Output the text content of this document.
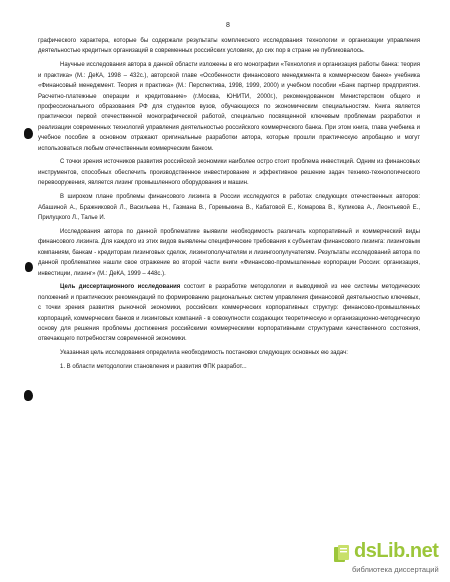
8

графического характера, которые бы содержали результаты комплексного исследования технологии и организации управления деятельностью кредитных организаций в современных российских условиях, до сих пор в стране не публиковалось.

Научные исследования автора в данной области изложены в его монографии «Технология и организация работы банка: теория и практика» (М.: ДеКА, 1998 – 432с.), авторской главе «Особенности финансового менеджмента в коммерческом банке» учебника «Финансовый менеджмент. Теория и практика» (М.: Перспектива, 1998, 1999, 2000) и учебном пособии «Банк партнер предприятия. Расчетно-платежные операции и кредитование» (г.Москва, ЮНИТИ, 2000г.), рекомендованном Министерством общего и профессионального образования РФ для студентов вузов, обучающихся по экономическим специальностям. Книга является практически первой отечественной монографической работой, специально посвященной ключевым проблемам разработки и реализации современных технологий управления деятельностью российского коммерческого банка. При этом книга, глава учебника и учебное пособие в основном отражают оригинальные разработки автора, которые прошли практическую апробацию и могут использоваться любым отечественным коммерческим банком.

С точки зрения источников развития российской экономики наиболее остро стоит проблема инвестиций. Одним из финансовых инструментов, способных обеспечить производственное инвестирование и эффективное решение задач технико-технологического перевооружения, является лизинг промышленного оборудования и машин.

В широком плане проблемы финансового лизинга в России исследуются в работах следующих отечественных авторов: Абашиной А., Бражниковой Л., Васильева Н., Газмана В., Горемыкина В., Кабатовой Е., Комарова В., Куликова А., Леонтьевой Е., Прилуцкого Л., Талье И.

Исследования автора по данной проблематике выявили необходимость различать корпоративный и коммерческий виды финансового лизинга. Для каждого из этих видов выявлены специфические требования к субъектам финансового лизинга: лизинговым компаниям, банкам - кредиторам лизинговых сделок, лизингополучателям и лизингоопулучателям. Результаты исследований автора по данной проблематике нашли свое отражение во второй части книги «Финансово-промышленные корпорации России: организация, инвестиции, лизинг» (М.: ДеКА, 1999 – 448с.).

Цель диссертационного исследования состоит в разработке методологии и выводимой из нее системы методических положений и практических рекомендаций по формированию рациональных систем управления финансовой деятельностью ключевых, с точки зрения развития рыночной экономики, российских коммерческих корпоративных структур: финансово-промышленных корпораций, коммерческих банков и лизинговых компаний - в совокупности создающих теоретическую и организационно-методическую основу для решения проблемы достижения российскими коммерческими корпоративными структурами качественного состояния, отвечающего потребностям современной экономики.

Указанная цель исследования определила необходимость постановки следующих основных ею задач:

1. В области методологии становления и развития ФПК разработ...

dsLib.net
библиотека диссертаций
